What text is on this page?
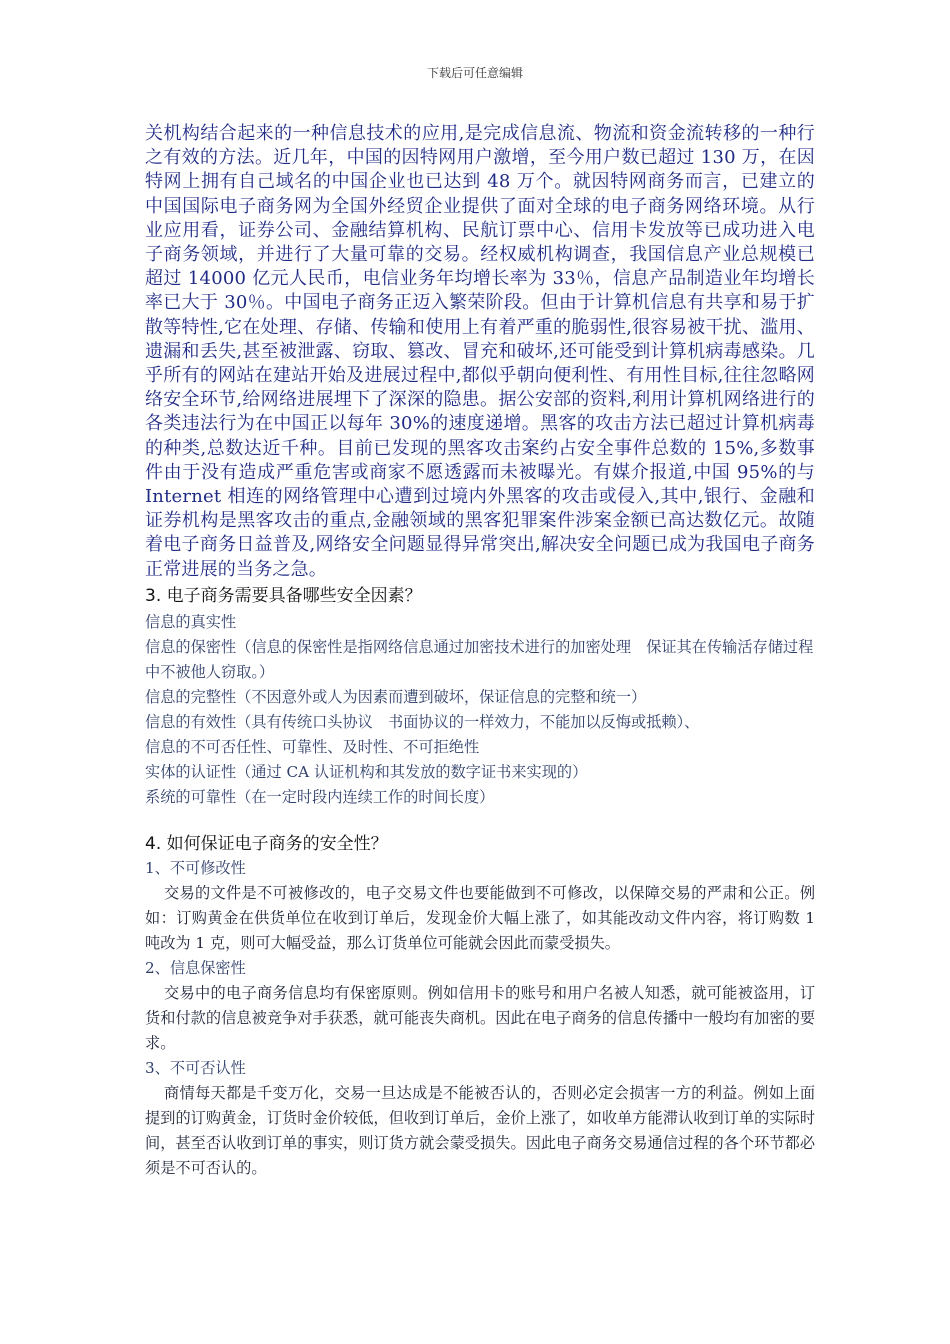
下载后可任意编辑

关机构结合起来的一种信息技术的应用,是完成信息流、物流和资金流转移的一种行之有效的方法。近几年，中国的因特网用户激增，至今用户数已超过 130 万，在因特网上拥有自己域名的中国企业也已达到 48 万个。就因特网商务而言，已建立的中国国际电子商务网为全国外经贸企业提供了面对全球的电子商务网络环境。从行业应用看，证券公司、金融结算机构、民航订票中心、信用卡发放等已成功进入电子商务领域，并进行了大量可靠的交易。经权威机构调查，我国信息产业总规模已超过 14000 亿元人民币，电信业务年均增长率为 33％，信息产品制造业年均增长率已大于 30％。中国电子商务正迈入繁荣阶段。但由于计算机信息有共享和易于扩散等特性,它在处理、存储、传输和使用上有着严重的脆弱性,很容易被干扰、滥用、遗漏和丢失,甚至被泄露、窃取、篡改、冒充和破坏,还可能受到计算机病毒感染。几乎所有的网站在建站开始及进展过程中,都似乎朝向便利性、有用性目标,往往忽略网络安全环节,给网络进展埋下了深深的隐患。据公安部的资料,利用计算机网络进行的各类违法行为在中国正以每年 30%的速度递增。黑客的攻击方法已超过计算机病毒的种类,总数达近千种。目前已发现的黑客攻击案约占安全事件总数的 15%,多数事件由于没有造成严重危害或商家不愿透露而未被曝光。有媒介报道,中国 95%的与 Internet 相连的网络管理中心遭到过境内外黑客的攻击或侵入,其中,银行、金融和证券机构是黑客攻击的重点,金融领域的黑客犯罪案件涉案金额已高达数亿元。故随着电子商务日益普及,网络安全问题显得异常突出,解决安全问题已成为我国电子商务正常进展的当务之急。

3. 电子商务需要具备哪些安全因素？
信息的真实性
信息的保密性（信息的保密性是指网络信息通过加密技术进行的加密处理　保证其在传输活存储过程中不被他人窃取。）
信息的完整性（不因意外或人为因素而遭到破坏，保证信息的完整和统一）
信息的有效性（具有传统口头协议　书面协议的一样效力，不能加以反悔或抵赖）、
信息的不可否任性、可靠性、及时性、不可拒绝性
实体的认证性（通过 CA 认证机构和其发放的数字证书来实现的）
系统的可靠性（在一定时段内连续工作的时间长度）
4. 如何保证电子商务的安全性？

1、不可修改性

交易的文件是不可被修改的，电子交易文件也要能做到不可修改，以保障交易的严肃和公正。例如：订购黄金在供货单位在收到订单后，发现金价大幅上涨了，如其能改动文件内容，将订购数 1 吨改为 1 克，则可大幅受益，那么订货单位可能就会因此而蒙受损失。

2、信息保密性

交易中的电子商务信息均有保密原则。例如信用卡的账号和用户名被人知悉，就可能被盗用，订货和付款的信息被竞争对手获悉，就可能丧失商机。因此在电子商务的信息传播中一般均有加密的要求。

3、不可否认性

商情每天都是千变万化，交易一旦达成是不能被否认的，否则必定会损害一方的利益。例如上面提到的订购黄金，订货时金价较低，但收到订单后，金价上涨了，如收单方能滞认收到订单的实际时间，甚至否认收到订单的事实，则订货方就会蒙受损失。因此电子商务交易通信过程的各个环节都必须是不可否认的。
